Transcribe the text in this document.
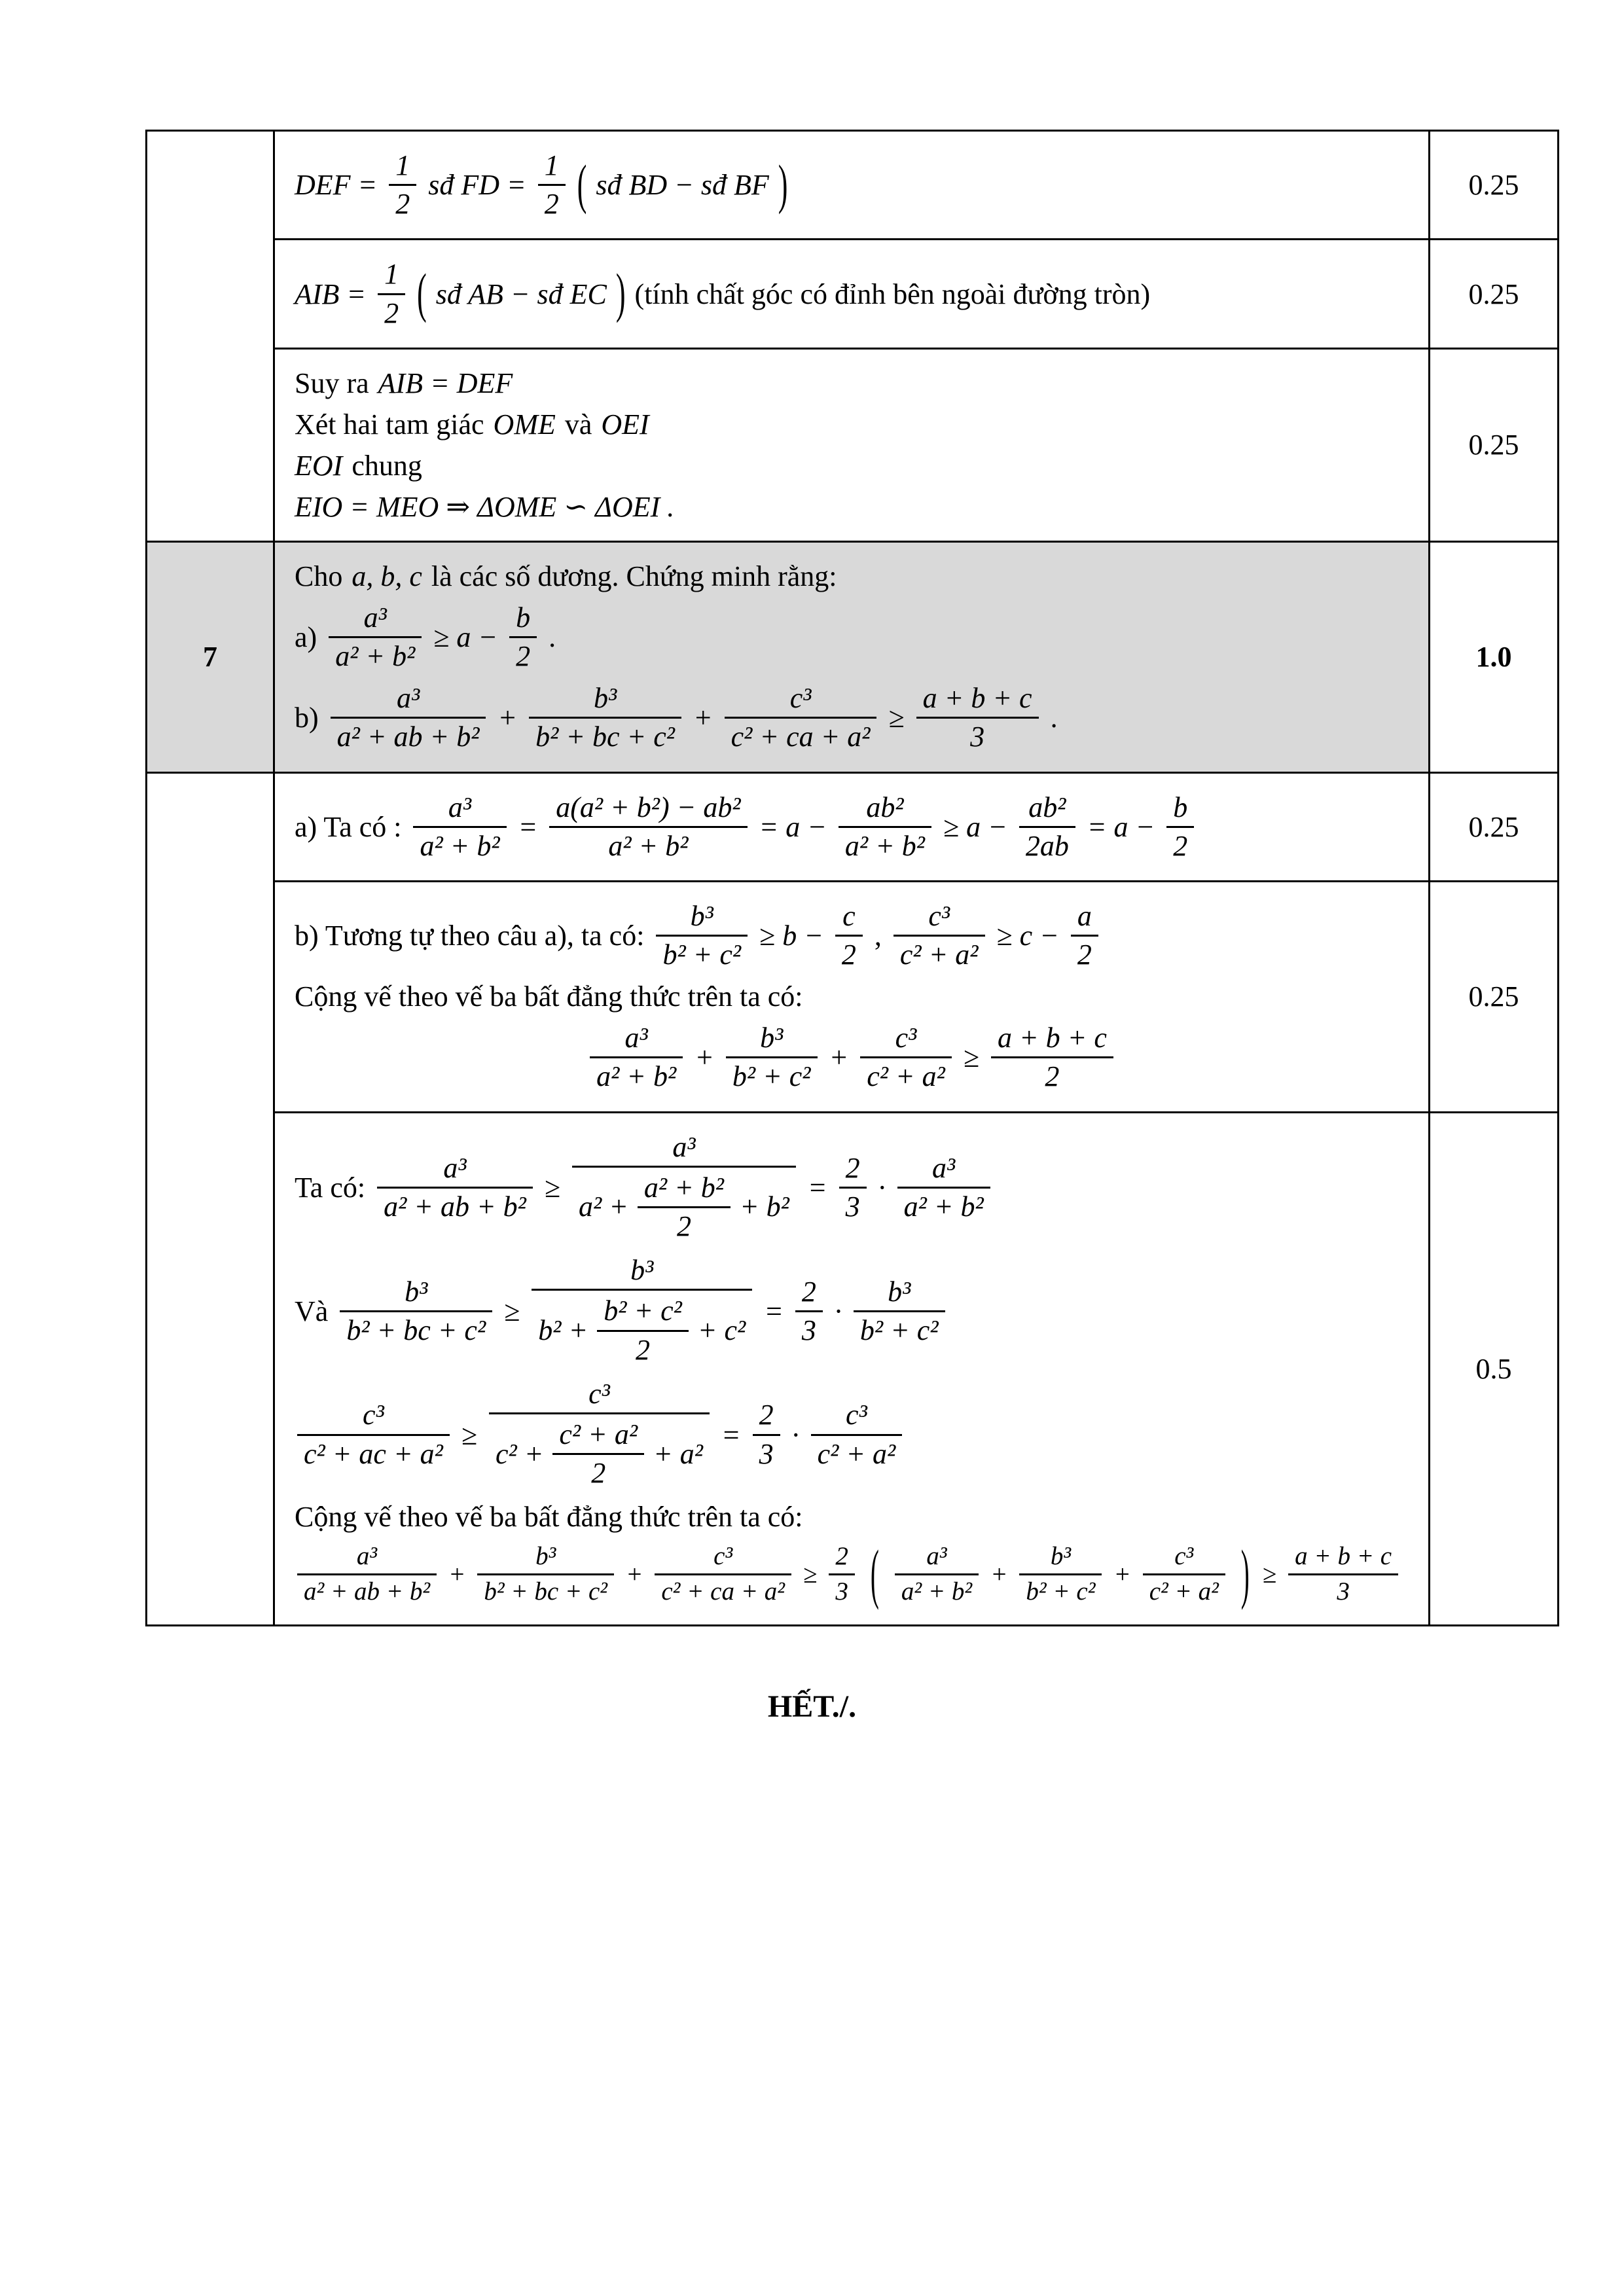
DEF = $\frac{1}{2}$ sđ FD = $\frac{1}{2}$ ( sđ BD − sđ BF )	0.25

AIB = $\frac{1}{2}$ ( sđ AB − sđ EC ) (tính chất góc có đỉnh bên ngoài đường tròn)	0.25

Suy ra AIB = DEF
Xét hai tam giác OME và OEI
EOI chung
EIO = MEO ⇒ ΔOME ∽ ΔOEI .
	0.25
7	
Cho a, b, c là các số dương. Chứng minh rằng:
$a) \frac{\text{a³}}{\text{a² + b²}} \ge a - \frac{b}{2}$ .
$b) \frac{\text{a³}}{\text{a² + ab + b²}} + \frac{\text{b³}}{\text{b² + bc + c²}} + \frac{\text{c³}}{\text{c² + ca + a²}} \ge \frac{a + b + c}{3}$ .
	1.0

a) Ta có : $\frac{\text{a³}}{\text{a² + b²}} = \frac{\text{a(a² + b²) − ab²}}{\text{a² + b²}} = a - \frac{\text{ab²}}{\text{a² + b²}} \ge a - \frac{\text{ab²}}{2ab} = a - \frac{b}{2}$	0.25

b) Tương tự theo câu a), ta có: $\frac{\text{b³}}{\text{b² + c²}} \ge b - \frac{c}{2}$ , $\frac{\text{c³}}{\text{c² + a²}} \ge c - \frac{a}{2}$
Cộng vế theo vế ba bất đẳng thức trên ta có:
$\frac{\text{a³}}{\text{a² + b²}} + \frac{\text{b³}}{\text{b² + c²}} + \frac{\text{c³}}{\text{c² + a²}} \ge \frac{a + b + c}{2}$
	0.25

Ta có: $\frac{\text{a³}}{\text{a² + ab + b²}} \ge \frac{\text{a³}}{a^2 + \frac{\text{a² + b²}}{2} + b^2} = \frac{2}{3} \cdot \frac{\text{a³}}{\text{a² + b²}}$
Và $\frac{\text{b³}}{\text{b² + bc + c²}} \ge \frac{\text{b³}}{b^2 + \frac{\text{b² + c²}}{2} + c^2} = \frac{2}{3} \cdot \frac{\text{b³}}{\text{b² + c²}}$
$\frac{\text{c³}}{\text{c² + ac + a²}} \ge \frac{\text{c³}}{c^2 + \frac{\text{c² + a²}}{2} + a^2} = \frac{2}{3} \cdot \frac{\text{c³}}{\text{c² + a²}}$
Cộng vế theo vế ba bất đẳng thức trên ta có:
$\frac{\text{a³}}{\text{a² + ab + b²}} + \frac{\text{b³}}{\text{b² + bc + c²}} + \frac{\text{c³}}{\text{c² + ca + a²}} \ge \frac{2}{3}$ ( $\frac{\text{a³}}{\text{a² + b²}} + \frac{\text{b³}}{\text{b² + c²}} + \frac{\text{c³}}{\text{c² + a²}}$ ) ≥ $\frac{a + b + c}{3}$
	0.5
HẾT./.
